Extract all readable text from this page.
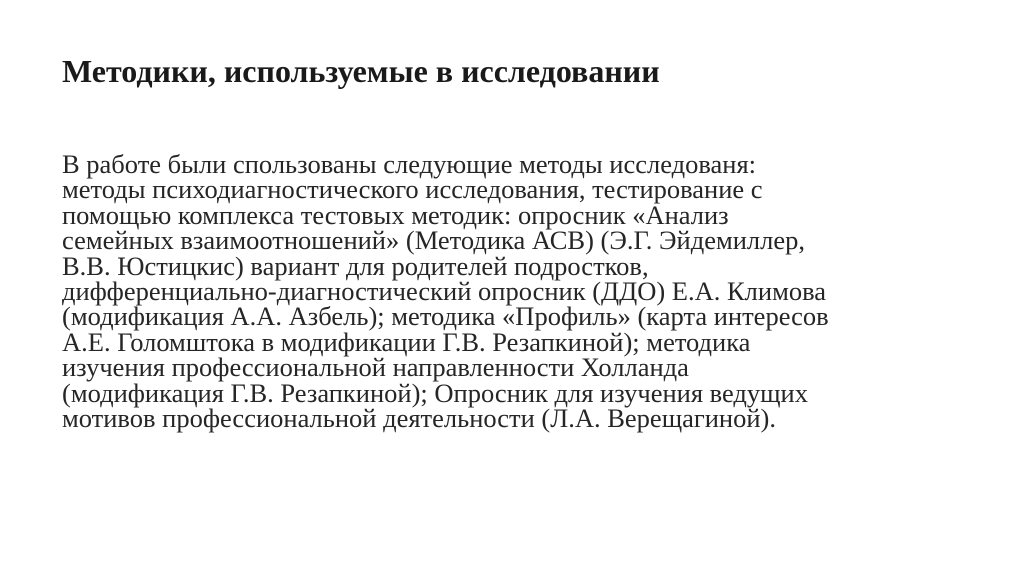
Методики, используемые в исследовании

В работе были спользованы следующие методы исследованя:
методы психодиагностического исследования, тестирование с
помощью комплекса тестовых методик: опросник «Анализ
семейных взаимоотношений» (Методика АСВ) (Э.Г. Эйдемиллер,
В.В. Юстицкис) вариант для родителей подростков,
дифференциально-диагностический опросник (ДДО) Е.А. Климова
(модификация А.А. Азбель); методика «Профиль» (карта интересов
А.Е. Голомштока в модификации Г.В. Резапкиной); методика
изучения профессиональной направленности Холланда
(модификация Г.В. Резапкиной); Опросник для изучения ведущих
мотивов профессиональной деятельности (Л.А. Верещагиной).
